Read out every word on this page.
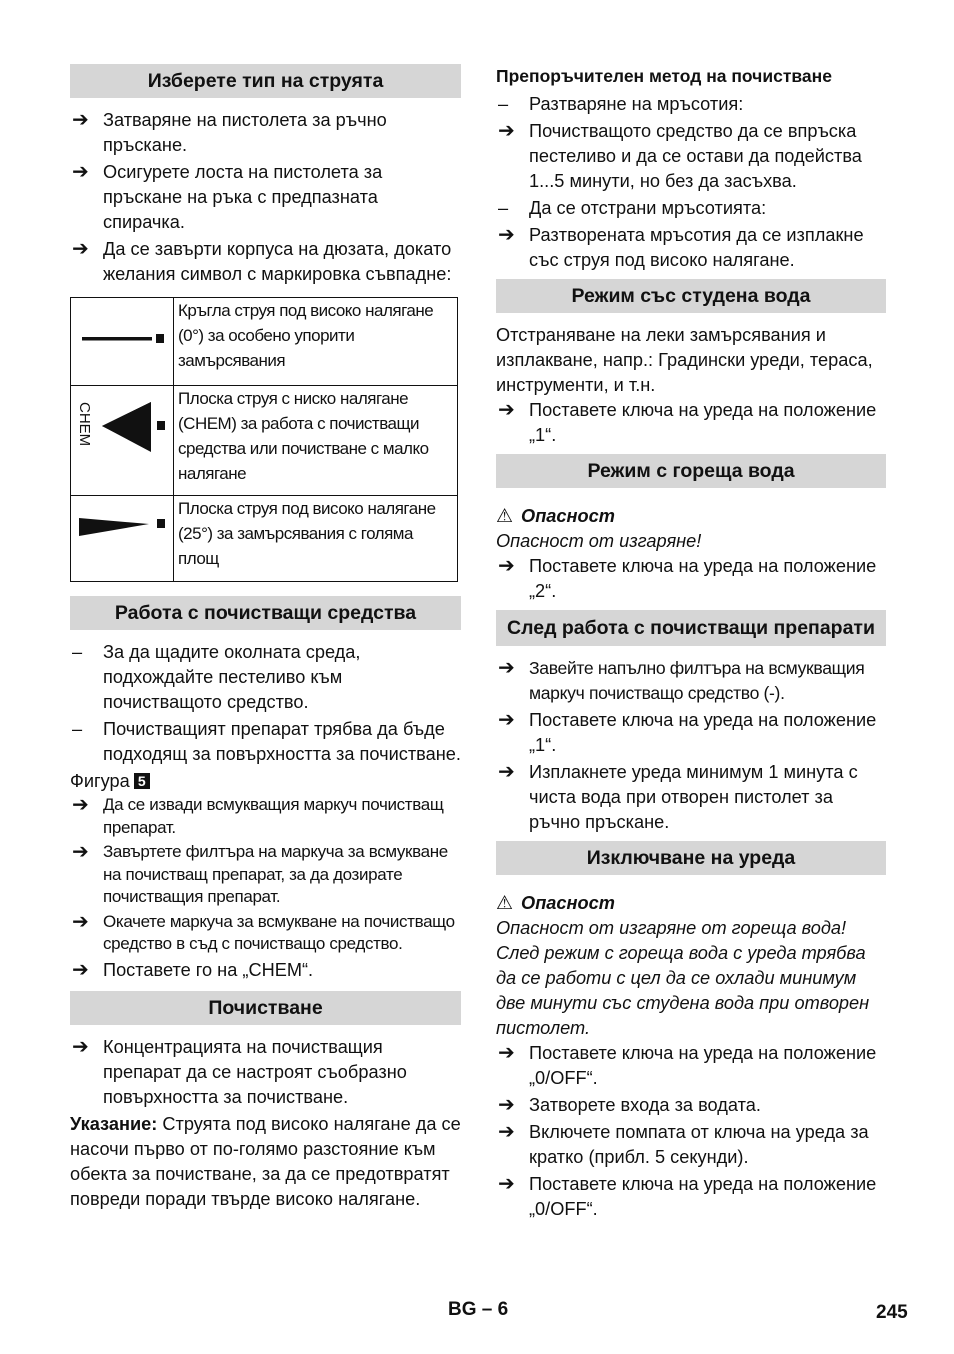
Изберете тип на струята
➔ Затваряне на пистолета за ръчно пръскане.
➔ Осигурете лоста на пистолета за пръскане на ръка с предпазната спирачка.
➔ Да се завърти корпуса на дюзата, докато желания символ с маркировка съвпадне:
	Кръгла струя под високо налягане (0°) за особено упорити замърсявания

CHEM	Плоска струя с ниско налягане (CHEM) за работа с почистващи средства или почистване с малко налягане
	Плоска струя под високо налягане (25°) за замърсявания с голяма площ
Работа с почистващи средства
– За да щадите околната среда, подхождайте пестеливо към почистващото средство.
– Почистващият препарат трябва да бъде подходящ за повърхността за почистване.

Фигура 5

➔ Да се извади всмукващия маркуч почистващ препарат.
➔ Завъртете филтъра на маркуча за всмукване на почистващ препарат, за да дозирате почистващия препарат.
➔ Окачете маркуча за всмукване на почистващо средство в съд с почистващо средство.
➔ Поставете го на „CHEM“.
Почистване
➔ Концентрацията на почистващия препарат да се настроят съобразно повърхността за почистване.

Указание: Струята под високо налягане да се насочи първо от по-голямо разстояние към обекта за почистване, за да се предотвратят повреди поради твърде високо налягане.

Препоръчителен метод на почистване
– Разтваряне на мръсотия:
➔ Почистващото средство да се впръска пестеливо и да се остави да подейства 1...5 минути, но без да засъхва.
– Да се отстрани мръсотията:
➔ Разтворената мръсотия да се изплакне със струя под високо налягане.
Режим със студена вода

Отстраняване на леки замърсявания и изплакване, напр.: Градински уреди, тераса, инструменти, и т.н.

➔ Поставете ключа на уреда на положение „1“.
Режим с гореща вода

⚠ Опасност

Опасност от изгаряне!

➔ Поставете ключа на уреда на положение „2“.
След работа с почистващи препарати
➔ Завейте напълно филтъра на всмукващия маркуч почистващо средство (-).
➔ Поставете ключа на уреда на положение „1“.
➔ Изплакнете уреда минимум 1 минута с чиста вода при отворен пистолет за ръчно пръскане.
Изключване на уреда

⚠ Опасност

Опасност от изгаряне от гореща вода! След режим с гореща вода с уреда трябва да се работи с цел да се охлади минимум две минути със студена вода при отворен пистолет.

➔ Поставете ключа на уреда на положение „0/OFF“.
➔ Затворете входа за водата.
➔ Включете помпата от ключа на уреда за кратко (прибл. 5 секунди).
➔ Поставете ключа на уреда на положение „0/OFF“.
BG – 6	245
